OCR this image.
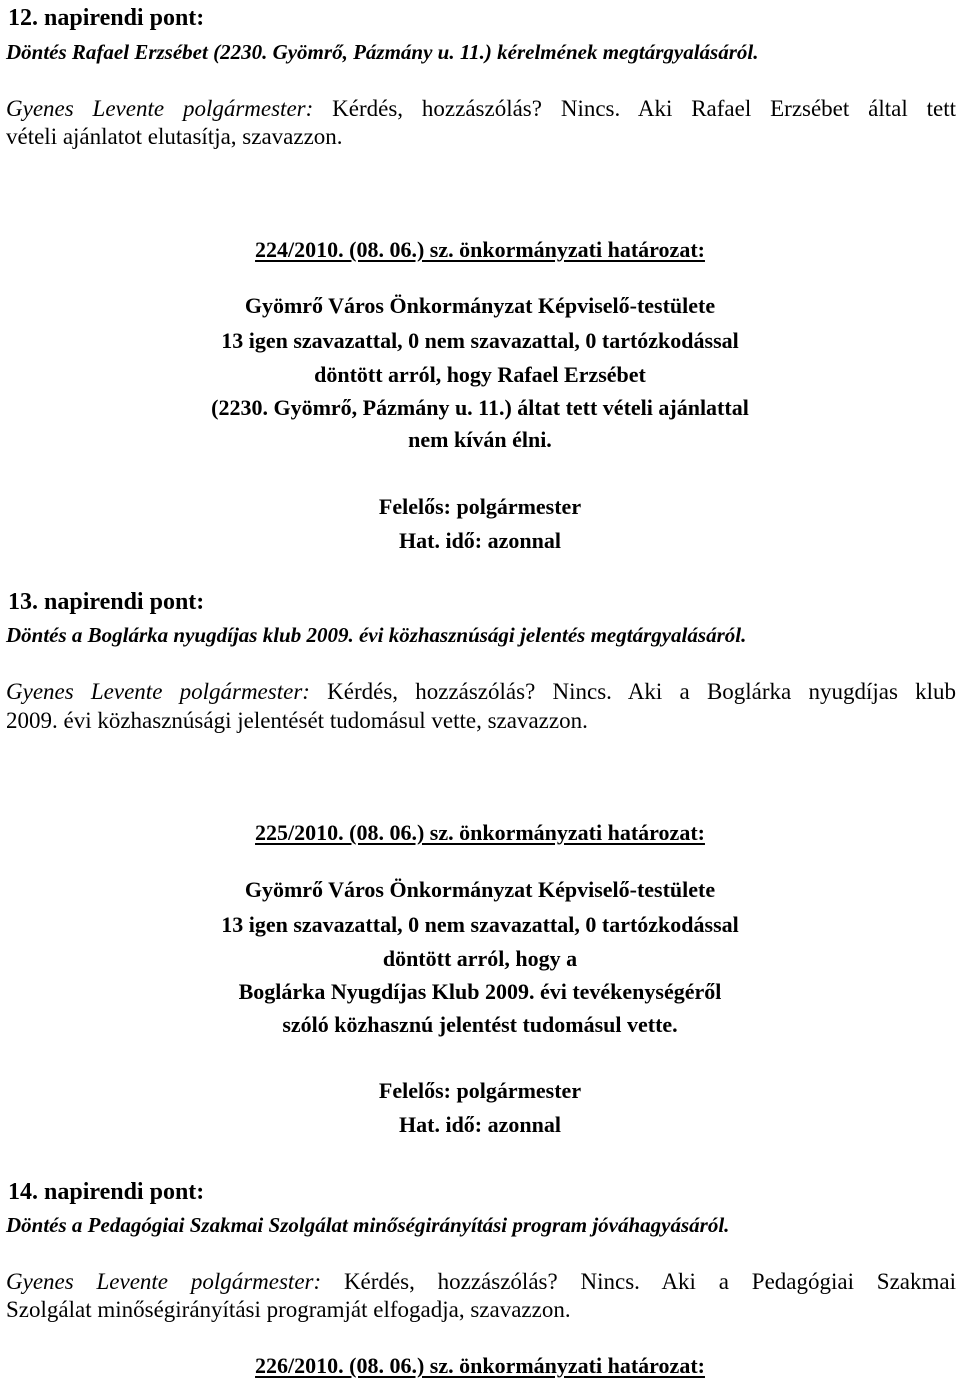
12. napirendi pont:
Döntés Rafael Erzsébet (2230. Gyömrő, Pázmány u. 11.) kérelmének megtárgyalásáról.
Gyenes Levente polgármester: Kérdés, hozzászólás? Nincs. Aki Rafael Erzsébet által tett
vételi ajánlatot elutasítja, szavazzon.
224/2010. (08. 06.) sz. önkormányzati határozat:
Gyömrő Város Önkormányzat Képviselő-testülete
13 igen szavazattal, 0 nem szavazattal, 0 tartózkodással
döntött arról, hogy Rafael Erzsébet
(2230. Gyömrő, Pázmány u. 11.) áltat tett vételi ajánlattal
nem kíván élni.
Felelős: polgármester
Hat. idő: azonnal
13. napirendi pont:
Döntés a Boglárka nyugdíjas klub 2009. évi közhasznúsági jelentés megtárgyalásáról.
Gyenes Levente polgármester: Kérdés, hozzászólás? Nincs. Aki a Boglárka nyugdíjas klub
2009. évi közhasznúsági jelentését tudomásul vette, szavazzon.
225/2010. (08. 06.) sz. önkormányzati határozat:
Gyömrő Város Önkormányzat Képviselő-testülete
13 igen szavazattal, 0 nem szavazattal, 0 tartózkodással
döntött arról, hogy a
Boglárka Nyugdíjas Klub 2009. évi tevékenységéről
szóló közhasznú jelentést tudomásul vette.
Felelős: polgármester
Hat. idő: azonnal
14. napirendi pont:
Döntés a Pedagógiai Szakmai Szolgálat minőségirányítási program jóváhagyásáról.
Gyenes Levente polgármester: Kérdés, hozzászólás? Nincs. Aki a Pedagógiai Szakmai
Szolgálat minőségirányítási programját elfogadja, szavazzon.
226/2010. (08. 06.) sz. önkormányzati határozat:
